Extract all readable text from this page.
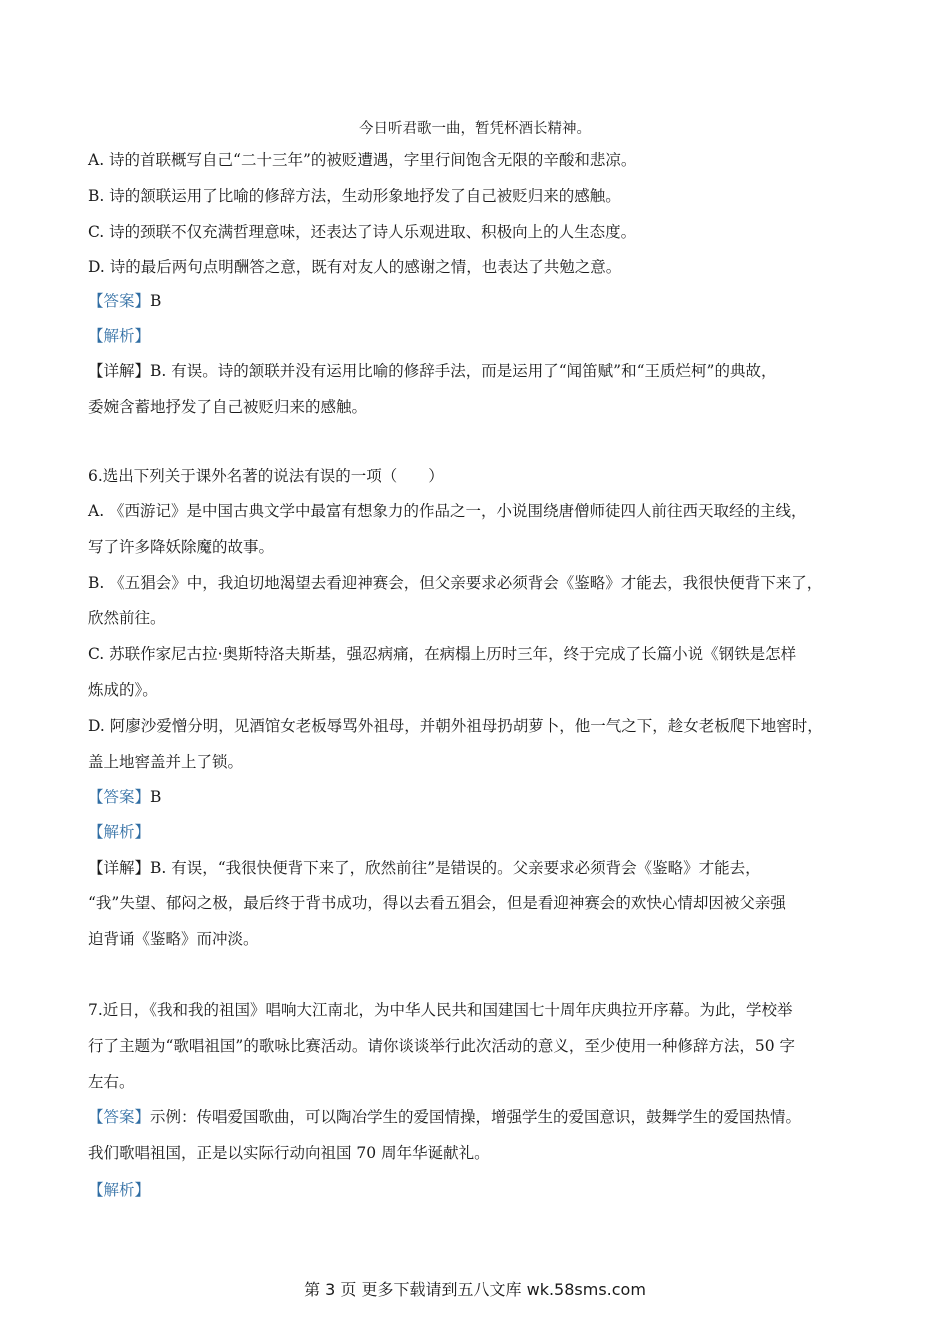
今日听君歌一曲，暂凭杯酒长精神。
A. 诗的首联概写自己“二十三年”的被贬遭遇，字里行间饱含无限的辛酸和悲凉。
B. 诗的颔联运用了比喻的修辞方法，生动形象地抒发了自己被贬归来的感触。
C. 诗的颈联不仅充满哲理意味，还表达了诗人乐观进取、积极向上的人生态度。
D. 诗的最后两句点明酬答之意，既有对友人的感谢之情，也表达了共勉之意。
【答案】B
【解析】
【详解】B. 有误。诗的颔联并没有运用比喻的修辞手法，而是运用了“闻笛赋”和“王质烂柯”的典故，
委婉含蓄地抒发了自己被贬归来的感触。
6.选出下列关于课外名著的说法有误的一项（　　）
A. 《西游记》是中国古典文学中最富有想象力的作品之一，小说围绕唐僧师徒四人前往西天取经的主线，
写了许多降妖除魔的故事。
B. 《五猖会》中，我迫切地渴望去看迎神赛会，但父亲要求必须背会《鉴略》才能去，我很快便背下来了，
欣然前往。
C. 苏联作家尼古拉·奥斯特洛夫斯基，强忍病痛，在病榻上历时三年，终于完成了长篇小说《钢铁是怎样
炼成的》。
D. 阿廖沙爱憎分明，见酒馆女老板辱骂外祖母，并朝外祖母扔胡萝卜，他一气之下，趁女老板爬下地窖时，
盖上地窖盖并上了锁。
【答案】B
【解析】
【详解】B. 有误，“我很快便背下来了，欣然前往”是错误的。父亲要求必须背会《鉴略》才能去，
“我”失望、郁闷之极，最后终于背书成功，得以去看五猖会，但是看迎神赛会的欢快心情却因被父亲强
迫背诵《鉴略》而冲淡。
7.近日，《我和我的祖国》唱响大江南北，为中华人民共和国建国七十周年庆典拉开序幕。为此，学校举
行了主题为“歌唱祖国”的歌咏比赛活动。请你谈谈举行此次活动的意义，至少使用一种修辞方法，50 字
左右。
【答案】示例：传唱爱国歌曲，可以陶冶学生的爱国情操，增强学生的爱国意识，鼓舞学生的爱国热情。
我们歌唱祖国，正是以实际行动向祖国 70 周年华诞献礼。
【解析】
第 3 页 更多下载请到五八文库 wk.58sms.com
